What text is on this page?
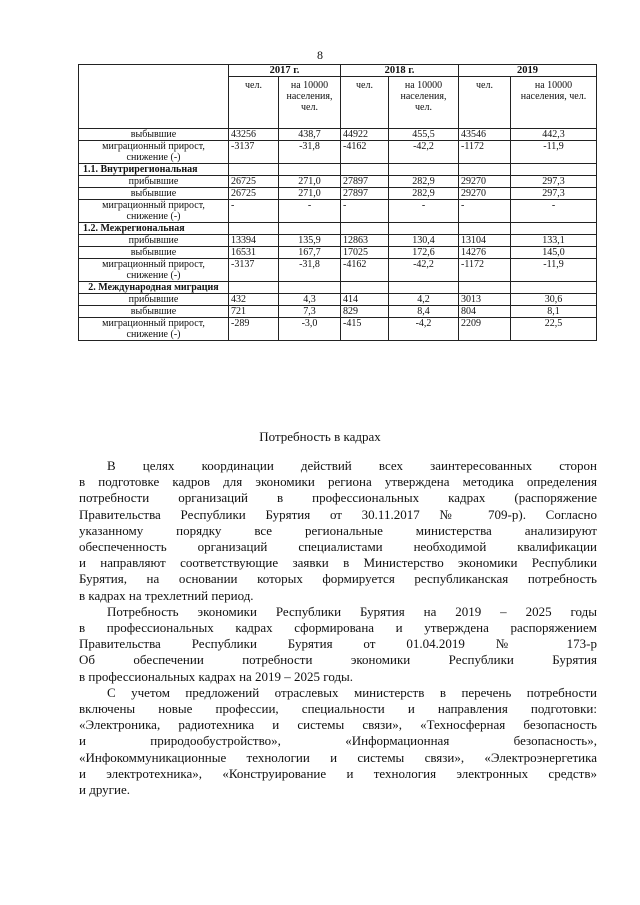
8
	2017 г.		2018 г.		2019	
	чел.	на 10000 населения, чел.	чел.	на 10000 населения, чел.	чел.	на 10000 населения, чел.
выбывшие	43256	438,7	44922	455,5	43546	442,3
миграционный прирост, снижение (-)	-3137	-31,8	-4162	-42,2	-1172	-11,9
1.1. Внутрирегиональная						
прибывшие	26725	271,0	27897	282,9	29270	297,3
выбывшие	26725	271,0	27897	282,9	29270	297,3
миграционный прирост, снижение (-)	-	-	-	-	-	-
1.2. Межрегиональная						
прибывшие	13394	135,9	12863	130,4	13104	133,1
выбывшие	16531	167,7	17025	172,6	14276	145,0
миграционный прирост, снижение (-)	-3137	-31,8	-4162	-42,2	-1172	-11,9
2. Международная миграция						
прибывшие	432	4,3	414	4,2	3013	30,6
выбывшие	721	7,3	829	8,4	804	8,1
миграционный прирост, снижение (-)	-289	-3,0	-415	-4,2	2209	22,5
Потребность в кадрах

В целях координации действий всех заинтересованных сторон
в подготовке кадров для экономики региона утверждена методика определения
потребности организаций в профессиональных кадрах (распоряжение
Правительства Республики Бурятия от 30.11.2017 № 709-р). Согласно
указанному порядку все региональные министерства анализируют
обеспеченность организаций специалистами необходимой квалификации
и направляют соответствующие заявки в Министерство экономики Республики
Бурятия, на основании которых формируется республиканская потребность
в кадрах на трехлетний период.

Потребность экономики Республики Бурятия на 2019 – 2025 годы
в профессиональных кадрах сформирована и утверждена распоряжением
Правительства Республики Бурятия от 01.04.2019 № 173-р
Об обеспечении потребности экономики Республики Бурятия
в профессиональных кадрах на 2019 – 2025 годы.

С учетом предложений отраслевых министерств в перечень потребности
включены новые профессии, специальности и направления подготовки:
«Электроника, радиотехника и системы связи», «Техносферная безопасность
и природообустройство», «Информационная безопасность»,
«Инфокоммуникационные технологии и системы связи», «Электроэнергетика
и электротехника», «Конструирование и технология электронных средств»
и другие.
